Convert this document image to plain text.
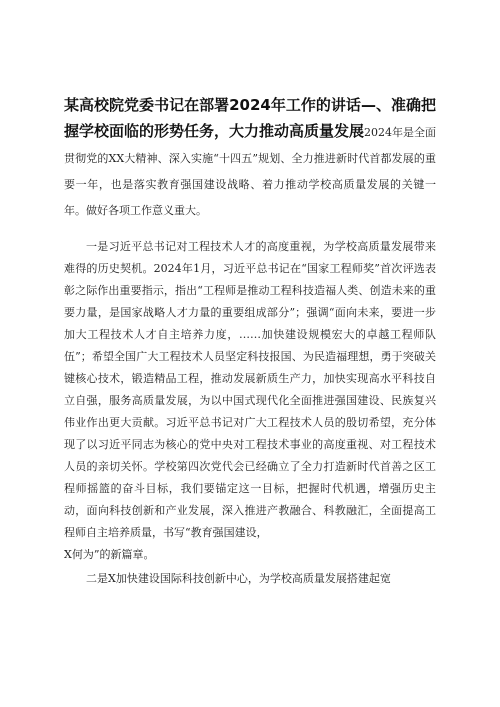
某高校院党委书记在部署2024年工作的讲话—、准确把握学校面临的形势任务，大力推动高质量发展2024年是全面贯彻党的XX大精神、深入实施“十四五”规划、全力推进新时代首都发展的重要一年，也是落实教育强国建设战略、着力推动学校高质量发展的关键一年。做好各项工作意义重大。

一是习近平总书记对工程技术人才的高度重视，为学校高质量发展带来难得的历史契机。2024年1月，习近平总书记在“国家工程师奖”首次评选表彰之际作出重要指示，指出“工程师是推动工程科技造福人类、创造未来的重要力量，是国家战略人才力量的重要组成部分”；强调“面向未来，要进一步加大工程技术人才自主培养力度，……加快建设规模宏大的卓越工程师队伍”；希望全国广大工程技术人员坚定科技报国、为民造福理想，勇于突破关键核心技术，锻造精品工程，推动发展新质生产力，加快实现高水平科技自立自强，服务高质量发展，为以中国式现代化全面推进强国建设、民族复兴伟业作出更大贡献。习近平总书记对广大工程技术人员的殷切希望，充分体现了以习近平同志为核心的党中央对工程技术事业的高度重视、对工程技术人员的亲切关怀。学校第四次党代会已经确立了全力打造新时代首善之区工程师摇篮的奋斗目标，我们要锚定这一目标，把握时代机遇，增强历史主动，面向科技创新和产业发展，深入推进产教融合、科教融汇，全面提高工程师自主培养质量，书写“教育强国建设，

X何为”的新篇章。

二是X加快建设国际科技创新中心，为学校高质量发展搭建起宽
